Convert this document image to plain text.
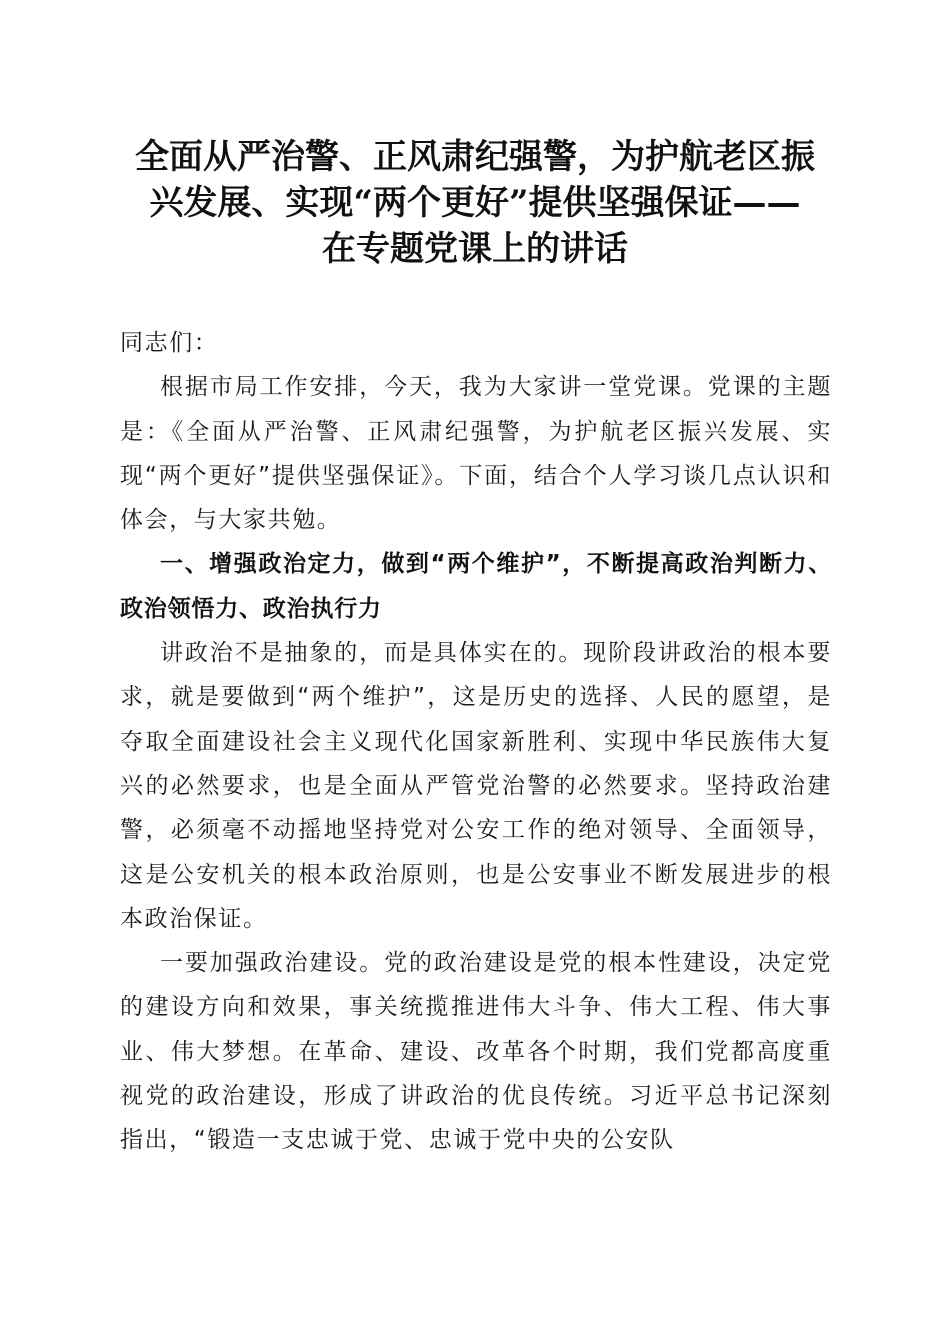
全面从严治警、正风肃纪强警，为护航老区振
兴发展、实现“两个更好”提供坚强保证——
在专题党课上的讲话

同志们：

根据市局工作安排，今天，我为大家讲一堂党课。党课的主题是：《全面从严治警、正风肃纪强警，为护航老区振兴发展、实现“两个更好”提供坚强保证》。下面，结合个人学习谈几点认识和体会，与大家共勉。

一、增强政治定力，做到“两个维护”，不断提高政治判断力、政治领悟力、政治执行力

讲政治不是抽象的，而是具体实在的。现阶段讲政治的根本要求，就是要做到“两个维护”，这是历史的选择、人民的愿望，是夺取全面建设社会主义现代化国家新胜利、实现中华民族伟大复兴的必然要求，也是全面从严管党治警的必然要求。坚持政治建警，必须毫不动摇地坚持党对公安工作的绝对领导、全面领导，这是公安机关的根本政治原则，也是公安事业不断发展进步的根本政治保证。

一要加强政治建设。党的政治建设是党的根本性建设，决定党的建设方向和效果，事关统揽推进伟大斗争、伟大工程、伟大事业、伟大梦想。在革命、建设、改革各个时期，我们党都高度重视党的政治建设，形成了讲政治的优良传统。习近平总书记深刻指出，“锻造一支忠诚于党、忠诚于党中央的公安队
